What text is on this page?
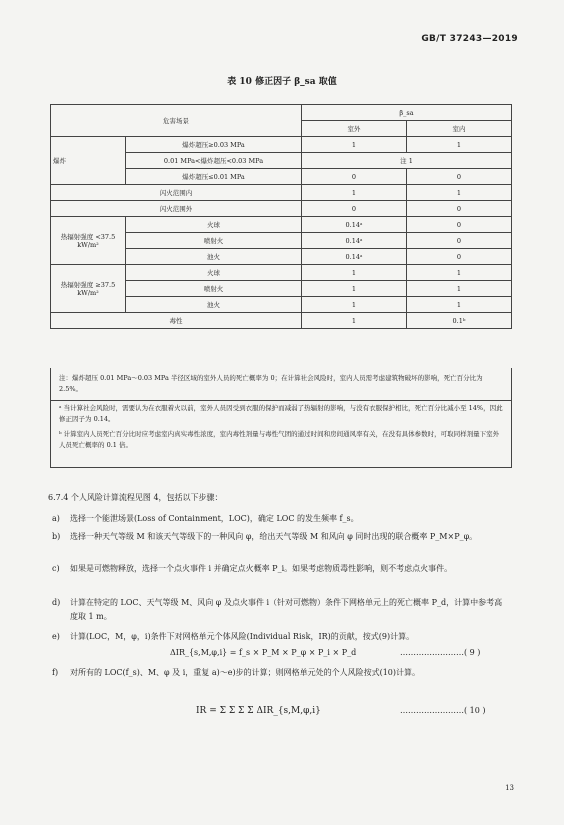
GB/T 37243—2019
表 10 修正因子 β_sa 取值
危害场景		β_sa	
		室外	室内
爆炸	爆炸超压≥0.03 MPa	1	1
	0.01 MPa<爆炸超压<0.03 MPa	注 1	
	爆炸超压≤0.01 MPa	0	0
闪火范围内		1	1
闪火范围外		0	0
热辐射强度 <37.5 kW/m²	火球	0.14ᵃ	0
	喷射火	0.14ᵃ	0
	池火	0.14ᵃ	0
热辐射强度 ≥37.5 kW/m²	火球	1	1
	喷射火	1	1
	池火	1	1
毒性		1	0.1ᵇ
注：爆炸超压 0.01 MPa～0.03 MPa 半径区域的室外人员的死亡概率为 0；在计算社会风险时，室内人员需考虑建筑物破坏的影响，死亡百分比为 2.5%。
ᵃ 当计算社会风险时，需要认为在衣服着火以前，室外人员因受到衣服的保护而减弱了热辐射的影响，与没有衣服保护相比，死亡百分比减小至 14%，因此修正因子为 0.14。
ᵇ 计算室内人员死亡百分比时应考虑室内真实毒性浓度，室内毒性剂量与毒性气团的通过时间和房间通风率有关，在没有具体参数时，可取同样剂量下室外人员死亡概率的 0.1 倍。
6.7.4 个人风险计算流程见图 4，包括以下步骤：
a) 选择一个能泄场景(Loss of Containment，LOC)，确定 LOC 的发生频率 f_s。
b) 选择一种天气等级 M 和该天气等级下的一种风向 φ，给出天气等级 M 和风向 φ 同时出现的联合概率 P_M×P_φ。
c) 如果是可燃物释放，选择一个点火事件 i 并确定点火概率 P_i。如果考虑物质毒性影响，则不考虑点火事件。
d) 计算在特定的 LOC、天气等级 M、风向 φ 及点火事件 i（针对可燃物）条件下网格单元上的死亡概率 P_d，计算中参考高度取 1 m。
e) 计算(LOC，M，φ，i)条件下对网格单元个体风险(Individual Risk，IR)的贡献，按式(9)计算。
ΔIR_{s,M,φ,i} = f_s × P_M × P_φ × P_i × P_d	……………………( 9 )
f) 对所有的 LOC(f_s)、M、φ 及 i，重复 a)～e)步的计算；则网格单元处的个人风险按式(10)计算。
IR = Σ Σ Σ Σ ΔIR_{s,M,φ,i}	……………………( 10 )
13
